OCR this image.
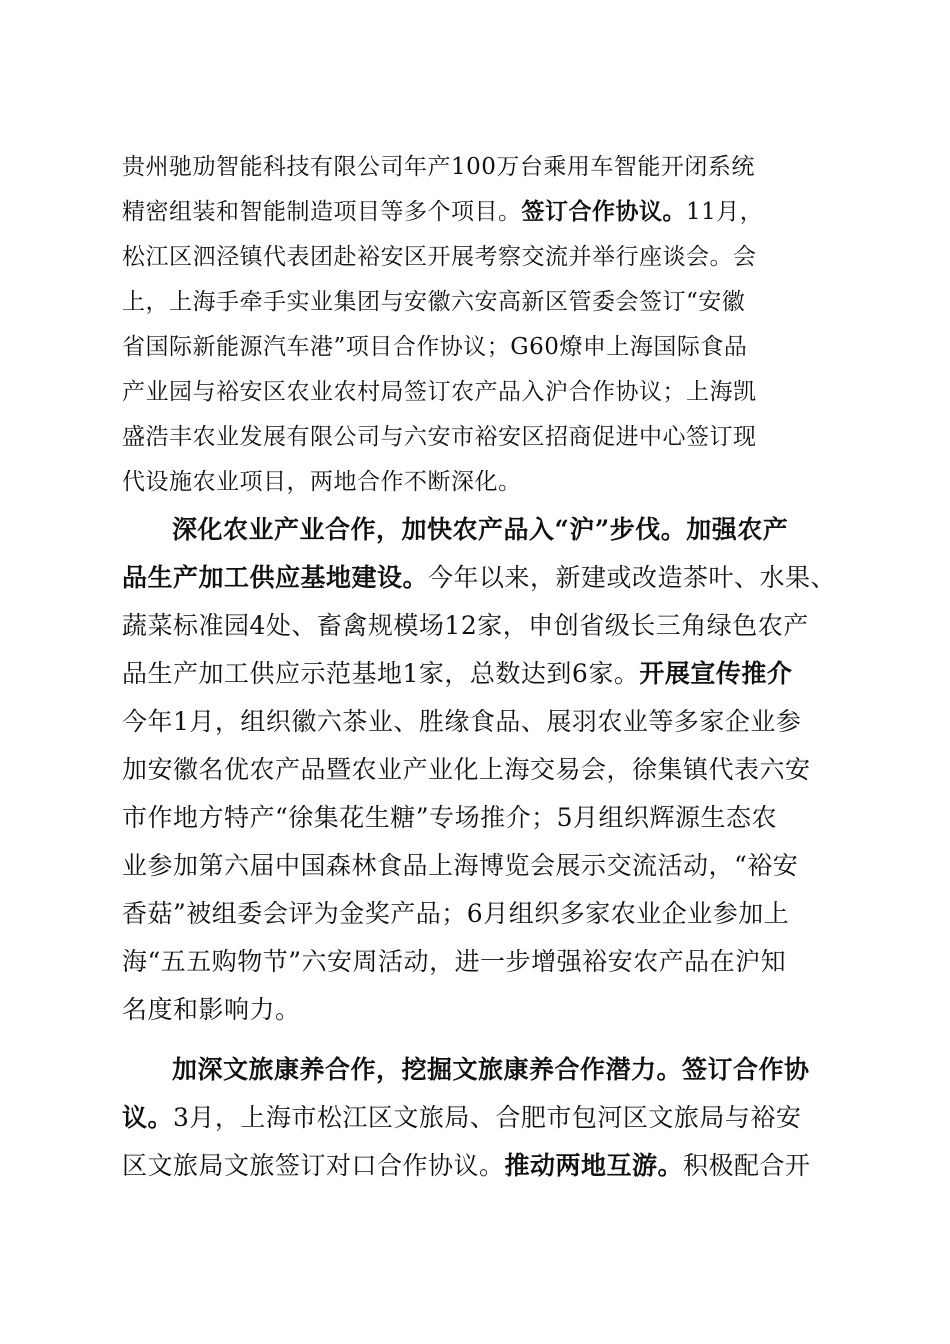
贵州驰劢智能科技有限公司年产100万台乘用车智能开闭系统
精密组装和智能制造项目等多个项目。签订合作协议。11月，
松江区泗泾镇代表团赴裕安区开展考察交流并举行座谈会。会
上，上海手牵手实业集团与安徽六安高新区管委会签订“安徽
省国际新能源汽车港”项目合作协议；G60燎申上海国际食品
产业园与裕安区农业农村局签订农产品入沪合作协议；上海凯
盛浩丰农业发展有限公司与六安市裕安区招商促进中心签订现
代设施农业项目，两地合作不断深化。
深化农业产业合作，加快农产品入“沪”步伐。加强农产
品生产加工供应基地建设。今年以来，新建或改造茶叶、水果、
蔬菜标准园4处、畜禽规模场12家，申创省级长三角绿色农产
品生产加工供应示范基地1家，总数达到6家。开展宣传推介
今年1月，组织徽六茶业、胜缘食品、展羽农业等多家企业参
加安徽名优农产品暨农业产业化上海交易会，徐集镇代表六安
市作地方特产“徐集花生糖”专场推介；5月组织辉源生态农
业参加第六届中国森林食品上海博览会展示交流活动，“裕安
香菇”被组委会评为金奖产品；6月组织多家农业企业参加上
海“五五购物节”六安周活动，进一步增强裕安农产品在沪知
名度和影响力。
加深文旅康养合作，挖掘文旅康养合作潜力。签订合作协
议。3月，上海市松江区文旅局、合肥市包河区文旅局与裕安
区文旅局文旅签订对口合作协议。推动两地互游。积极配合开
